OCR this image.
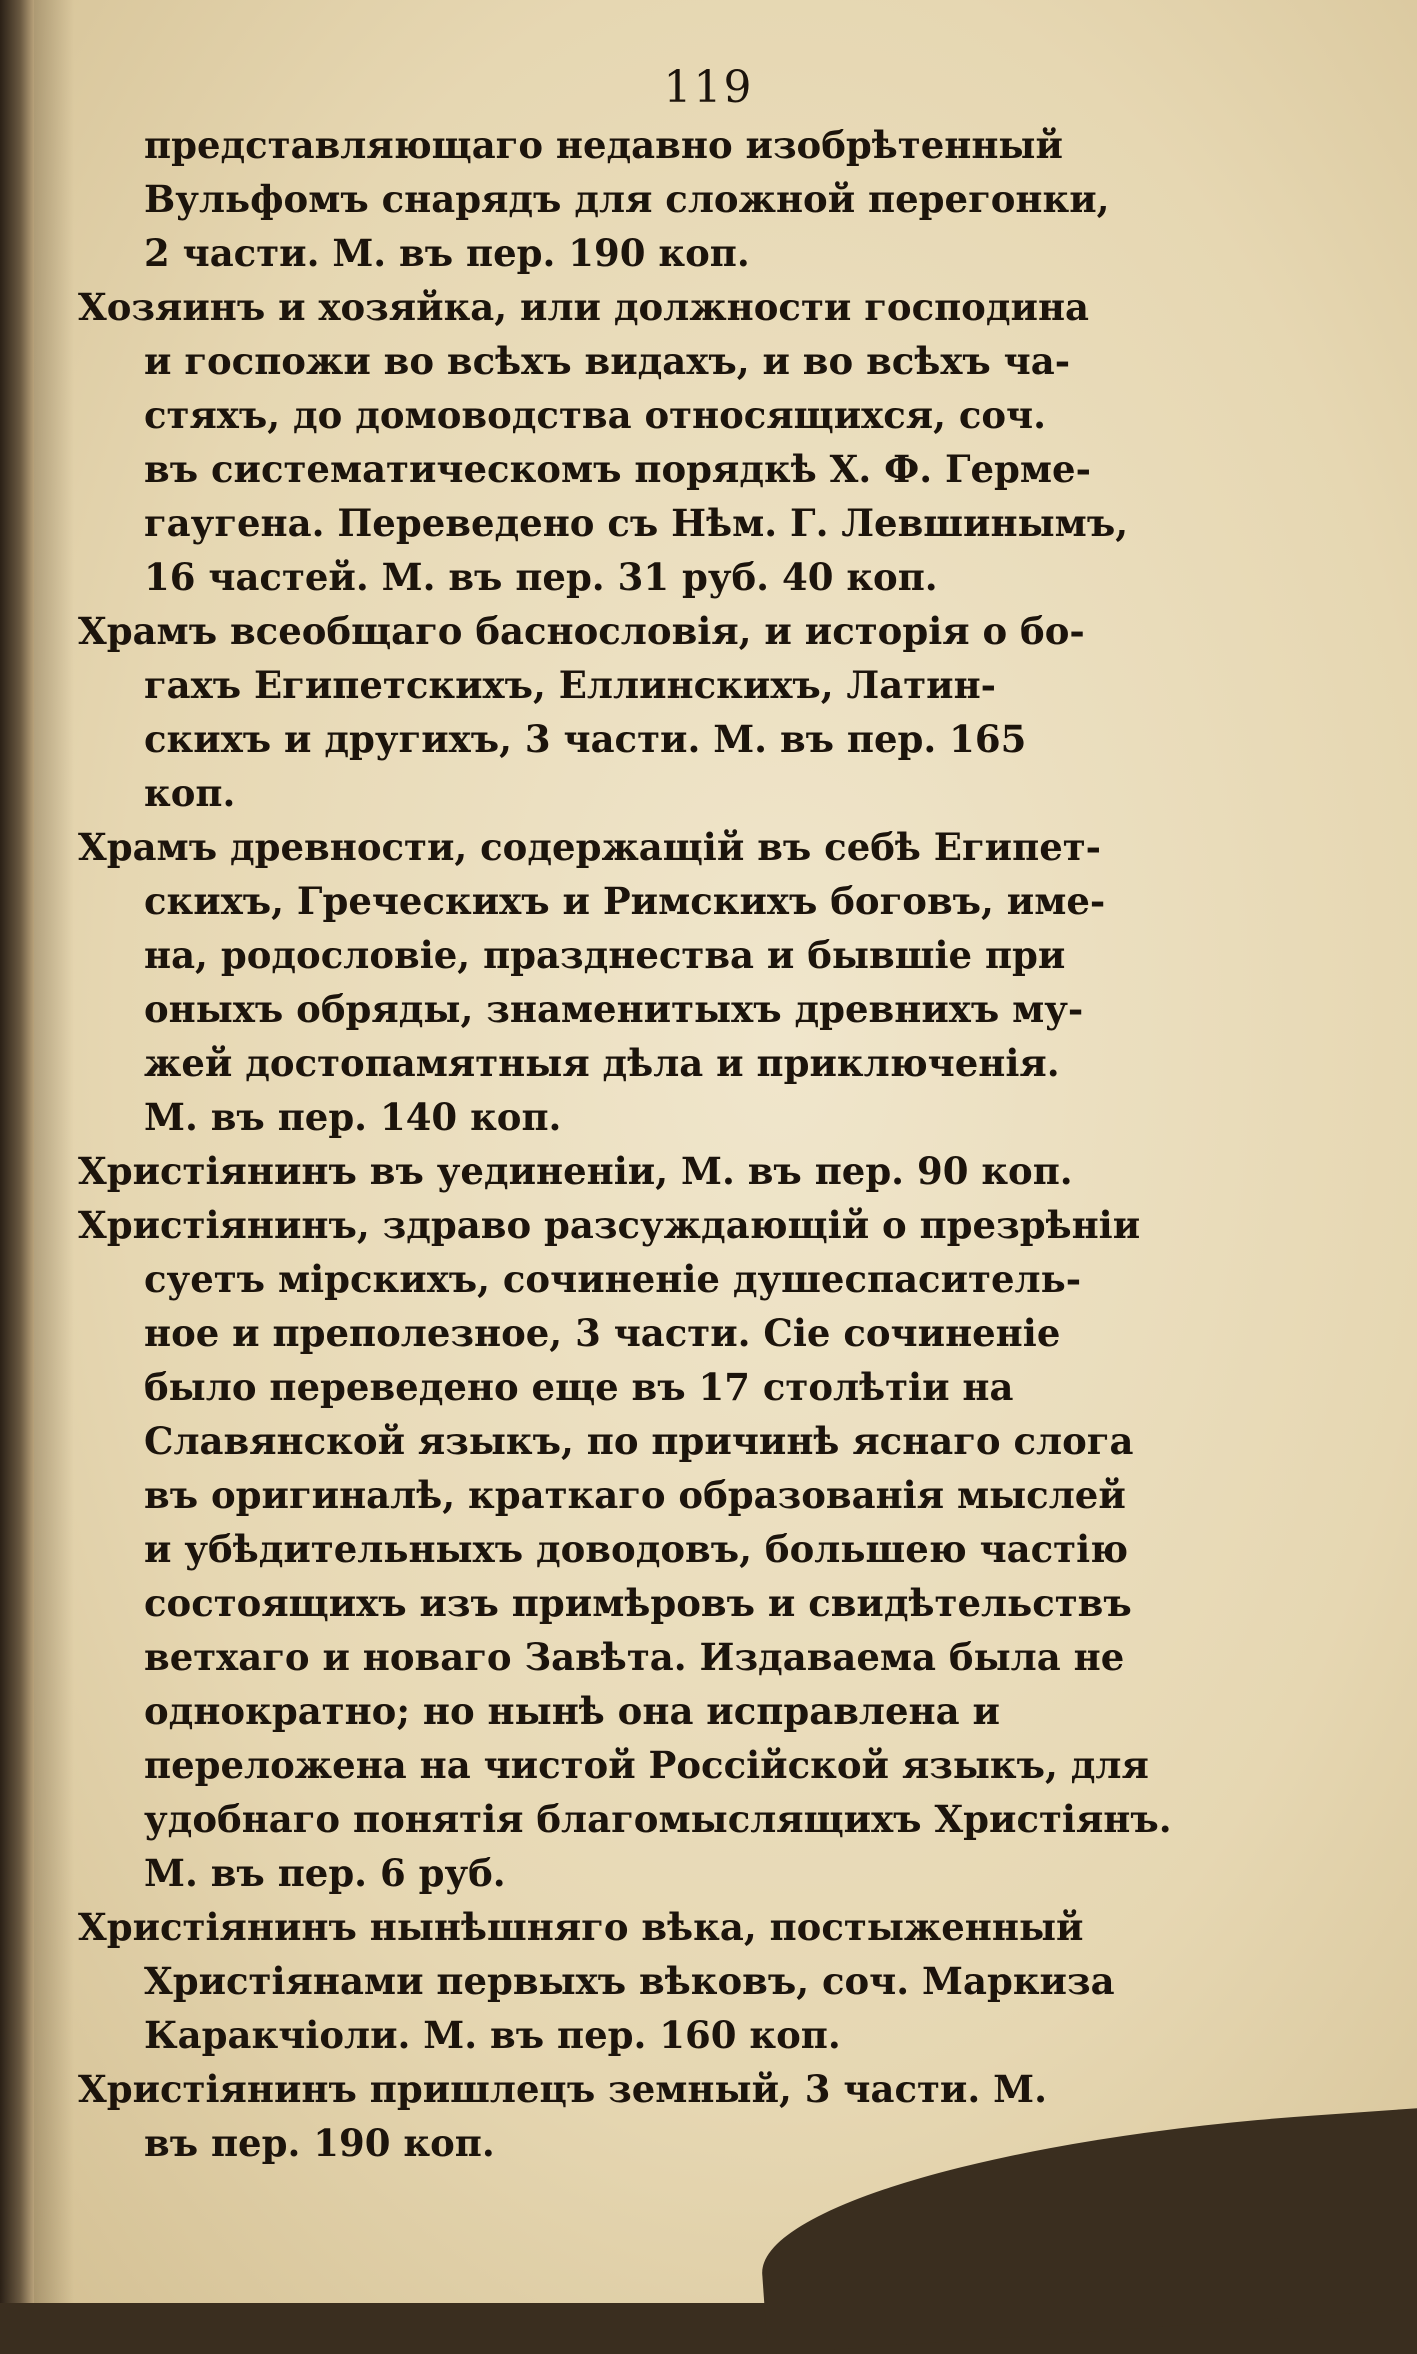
119
представляющаго недавно изобрѣтенный
Вульфомъ снарядъ для сложной перегонки,
2 части. М. въ пер. 190 коп.
Хозяинъ и хозяйка, или должности господина
и госпожи во всѣхъ видахъ, и во всѣхъ ча-
стяхъ, до домоводства относящихся, соч.
въ систематическомъ порядкѣ Х. Ф. Герме-
гаугена. Переведено съ Нѣм. Г. Левшинымъ,
16 частей. М. въ пер. 31 руб. 40 коп.
Храмъ всеобщаго баснословія, и исторія о бо-
гахъ Египетскихъ, Еллинскихъ, Латин-
скихъ и другихъ, 3 части. М. въ пер. 165
коп.
Храмъ древности, содержащій въ себѣ Египет-
скихъ, Греческихъ и Римскихъ боговъ, име-
на, родословіе, празднества и бывшіе при
оныхъ обряды, знаменитыхъ древнихъ му-
жей достопамятныя дѣла и приключенія.
М. въ пер. 140 коп.
Христіянинъ въ уединеніи, М. въ пер. 90 коп.
Христіянинъ, здраво разсуждающій о презрѣніи
суетъ мірскихъ, сочиненіе душеспаситель-
ное и преполезное, 3 части. Сіе сочиненіе
было переведено еще въ 17 столѣтіи на
Славянской языкъ, по причинѣ яснаго слога
въ оригиналѣ, краткаго образованія мыслей
и убѣдительныхъ доводовъ, большею частію
состоящихъ изъ примѣровъ и свидѣтельствъ
ветхаго и новаго Завѣта. Издаваема была не
однократно; но нынѣ она исправлена и
переложена на чистой Россійской языкъ, для
удобнаго понятія благомыслящихъ Христіянъ.
М. въ пер. 6 руб.
Христіянинъ нынѣшняго вѣка, постыженный
Христіянами первыхъ вѣковъ, соч. Маркиза
Каракчіоли. М. въ пер. 160 коп.
Христіянинъ пришлецъ земный, 3 части. М.
въ пер. 190 коп.
